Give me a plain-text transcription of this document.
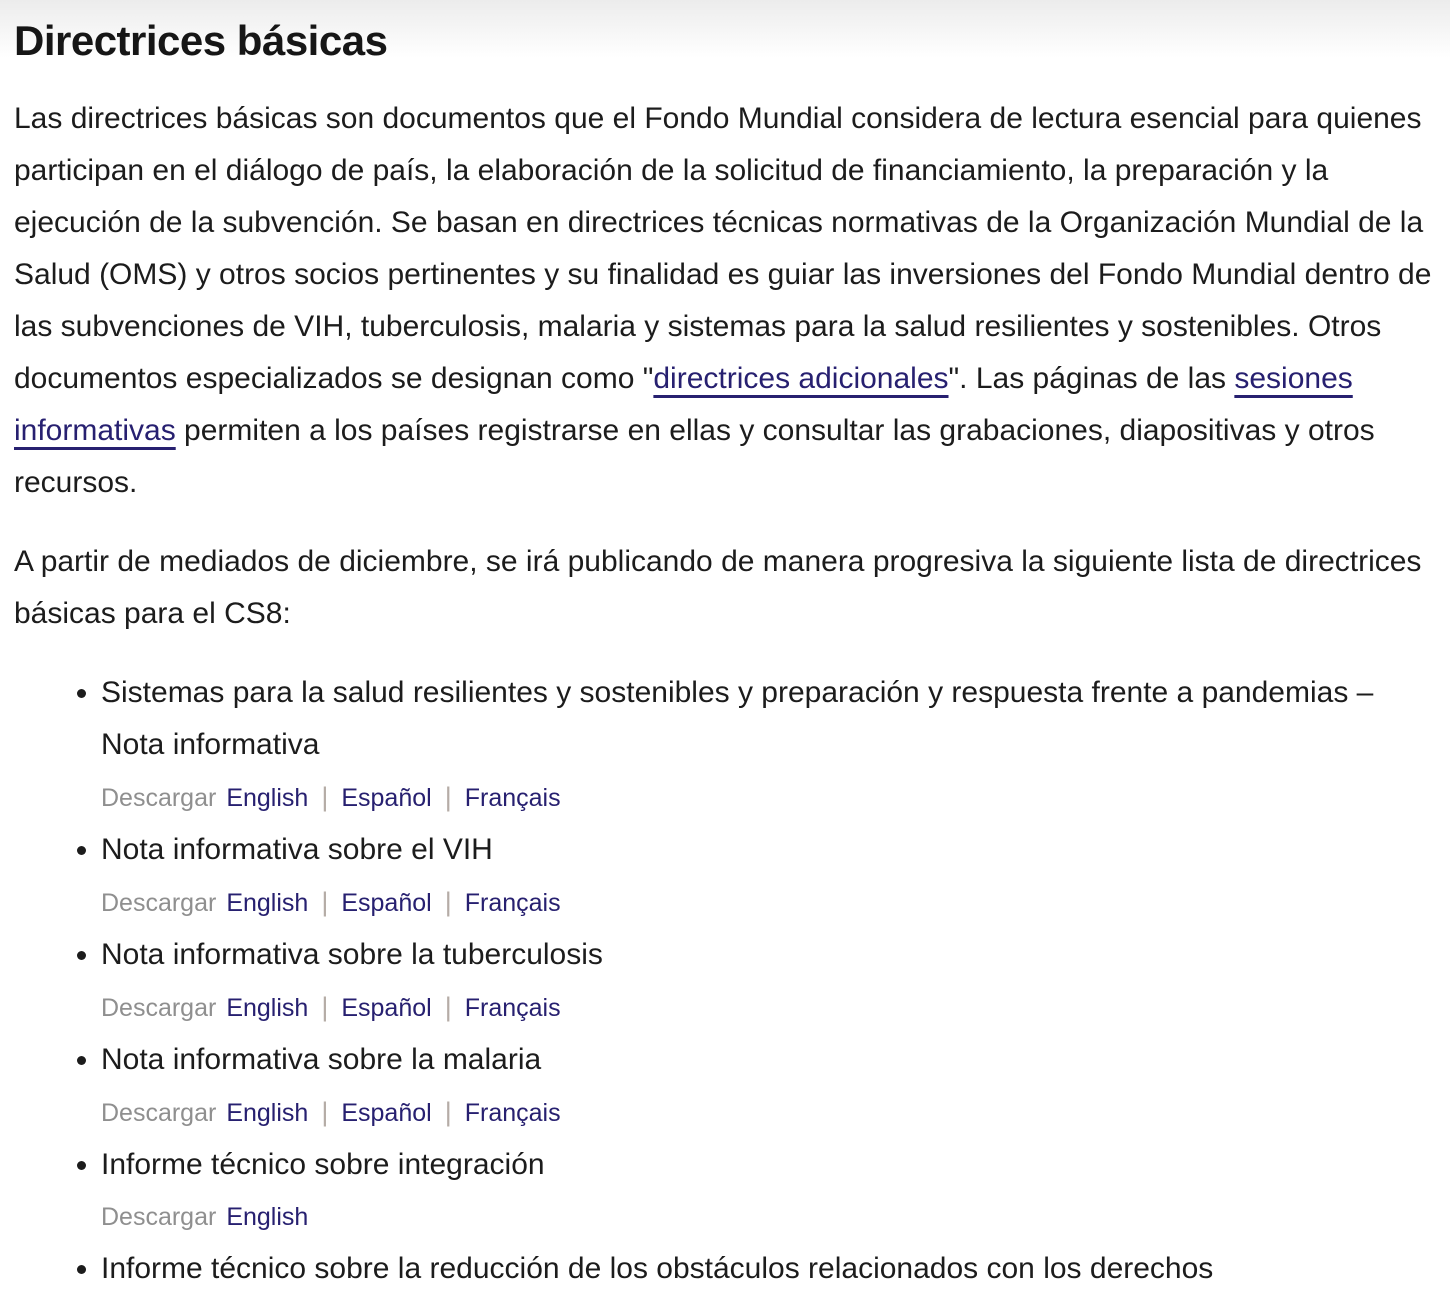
Directrices básicas

Las directrices básicas son documentos que el Fondo Mundial considera de lectura esencial para quienes participan en el diálogo de país, la elaboración de la solicitud de financiamiento, la preparación y la ejecución de la subvención. Se basan en directrices técnicas normativas de la Organización Mundial de la Salud (OMS) y otros socios pertinentes y su finalidad es guiar las inversiones del Fondo Mundial dentro de las subvenciones de VIH, tuberculosis, malaria y sistemas para la salud resilientes y sostenibles. Otros documentos especializados se designan como "directrices adicionales". Las páginas de las sesiones informativas permiten a los países registrarse en ellas y consultar las grabaciones, diapositivas y otros recursos.

A partir de mediados de diciembre, se irá publicando de manera progresiva la siguiente lista de directrices básicas para el CS8:

• Sistemas para la salud resilientes y sostenibles y preparación y respuesta frente a pandemias – Nota informativa
Descargar English | Español | Français
• Nota informativa sobre el VIH
Descargar English | Español | Français
• Nota informativa sobre la tuberculosis
Descargar English | Español | Français
• Nota informativa sobre la malaria
Descargar English | Español | Français
• Informe técnico sobre integración
Descargar English
• Informe técnico sobre la reducción de los obstáculos relacionados con los derechos
